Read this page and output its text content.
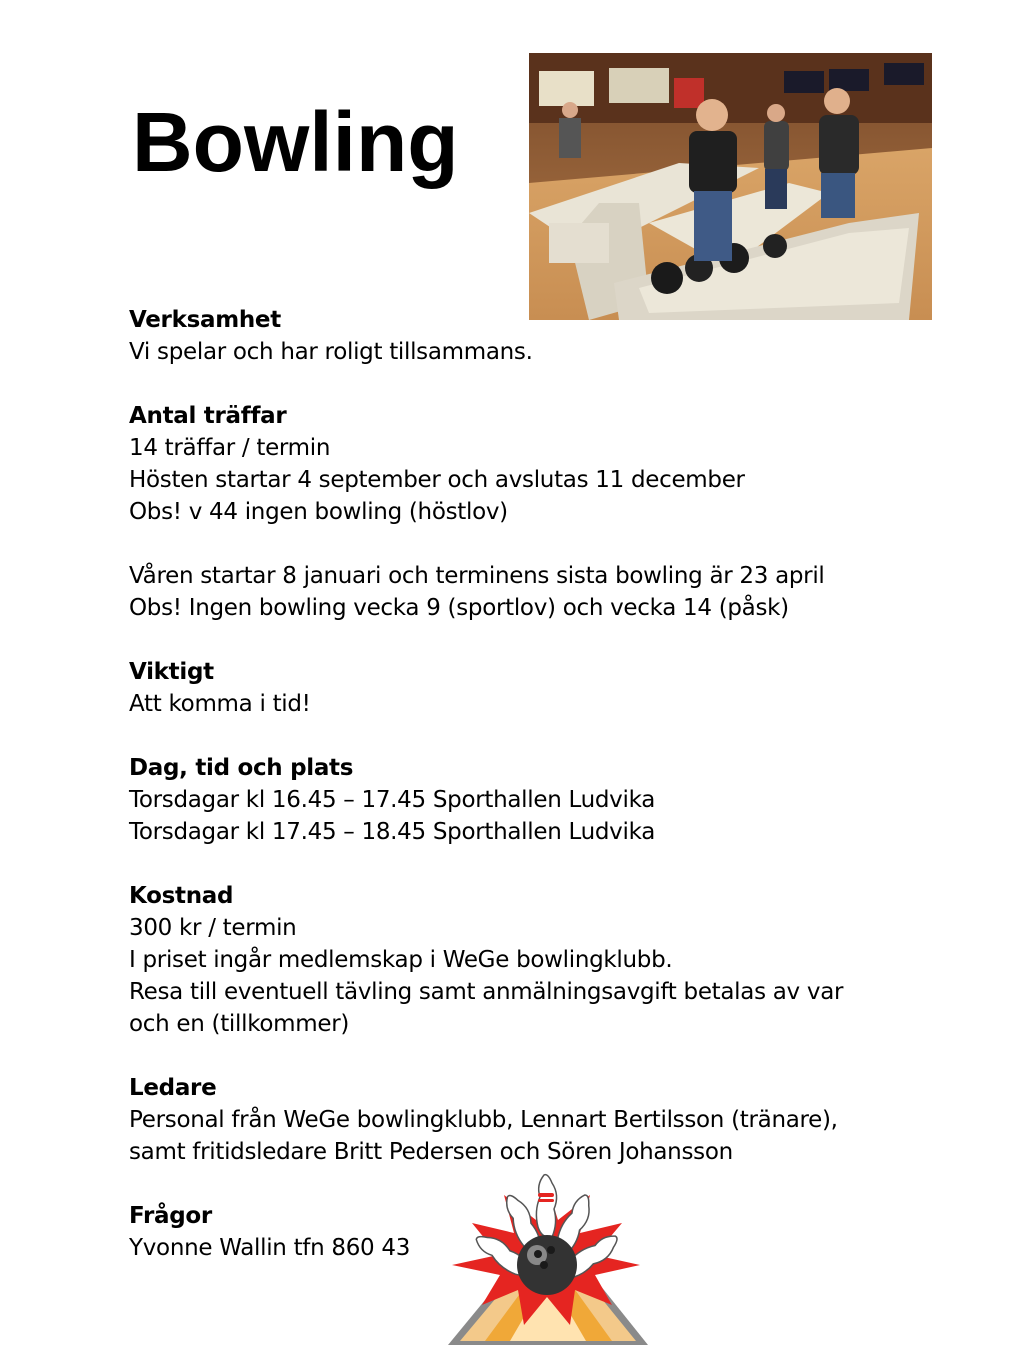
Bowling
Verksamhet
Vi spelar och har roligt tillsammans.
Antal träffar
14 träffar / termin
Hösten startar 4 september och avslutas 11 december
Obs! v 44 ingen bowling (höstlov)
Våren startar 8 januari och terminens sista bowling är 23 april
Obs! Ingen bowling vecka 9 (sportlov) och vecka 14 (påsk)
Viktigt
Att komma i tid!
Dag, tid och plats
Torsdagar kl 16.45 – 17.45 Sporthallen Ludvika
Torsdagar kl 17.45 – 18.45 Sporthallen Ludvika
Kostnad
300 kr / termin
I priset ingår medlemskap i WeGe bowlingklubb.
Resa till eventuell tävling samt anmälningsavgift betalas av var
och en (tillkommer)
Ledare
Personal från WeGe bowlingklubb, Lennart Bertilsson (tränare),
samt fritidsledare Britt Pedersen och Sören Johansson
Frågor
Yvonne Wallin tfn 860 43
